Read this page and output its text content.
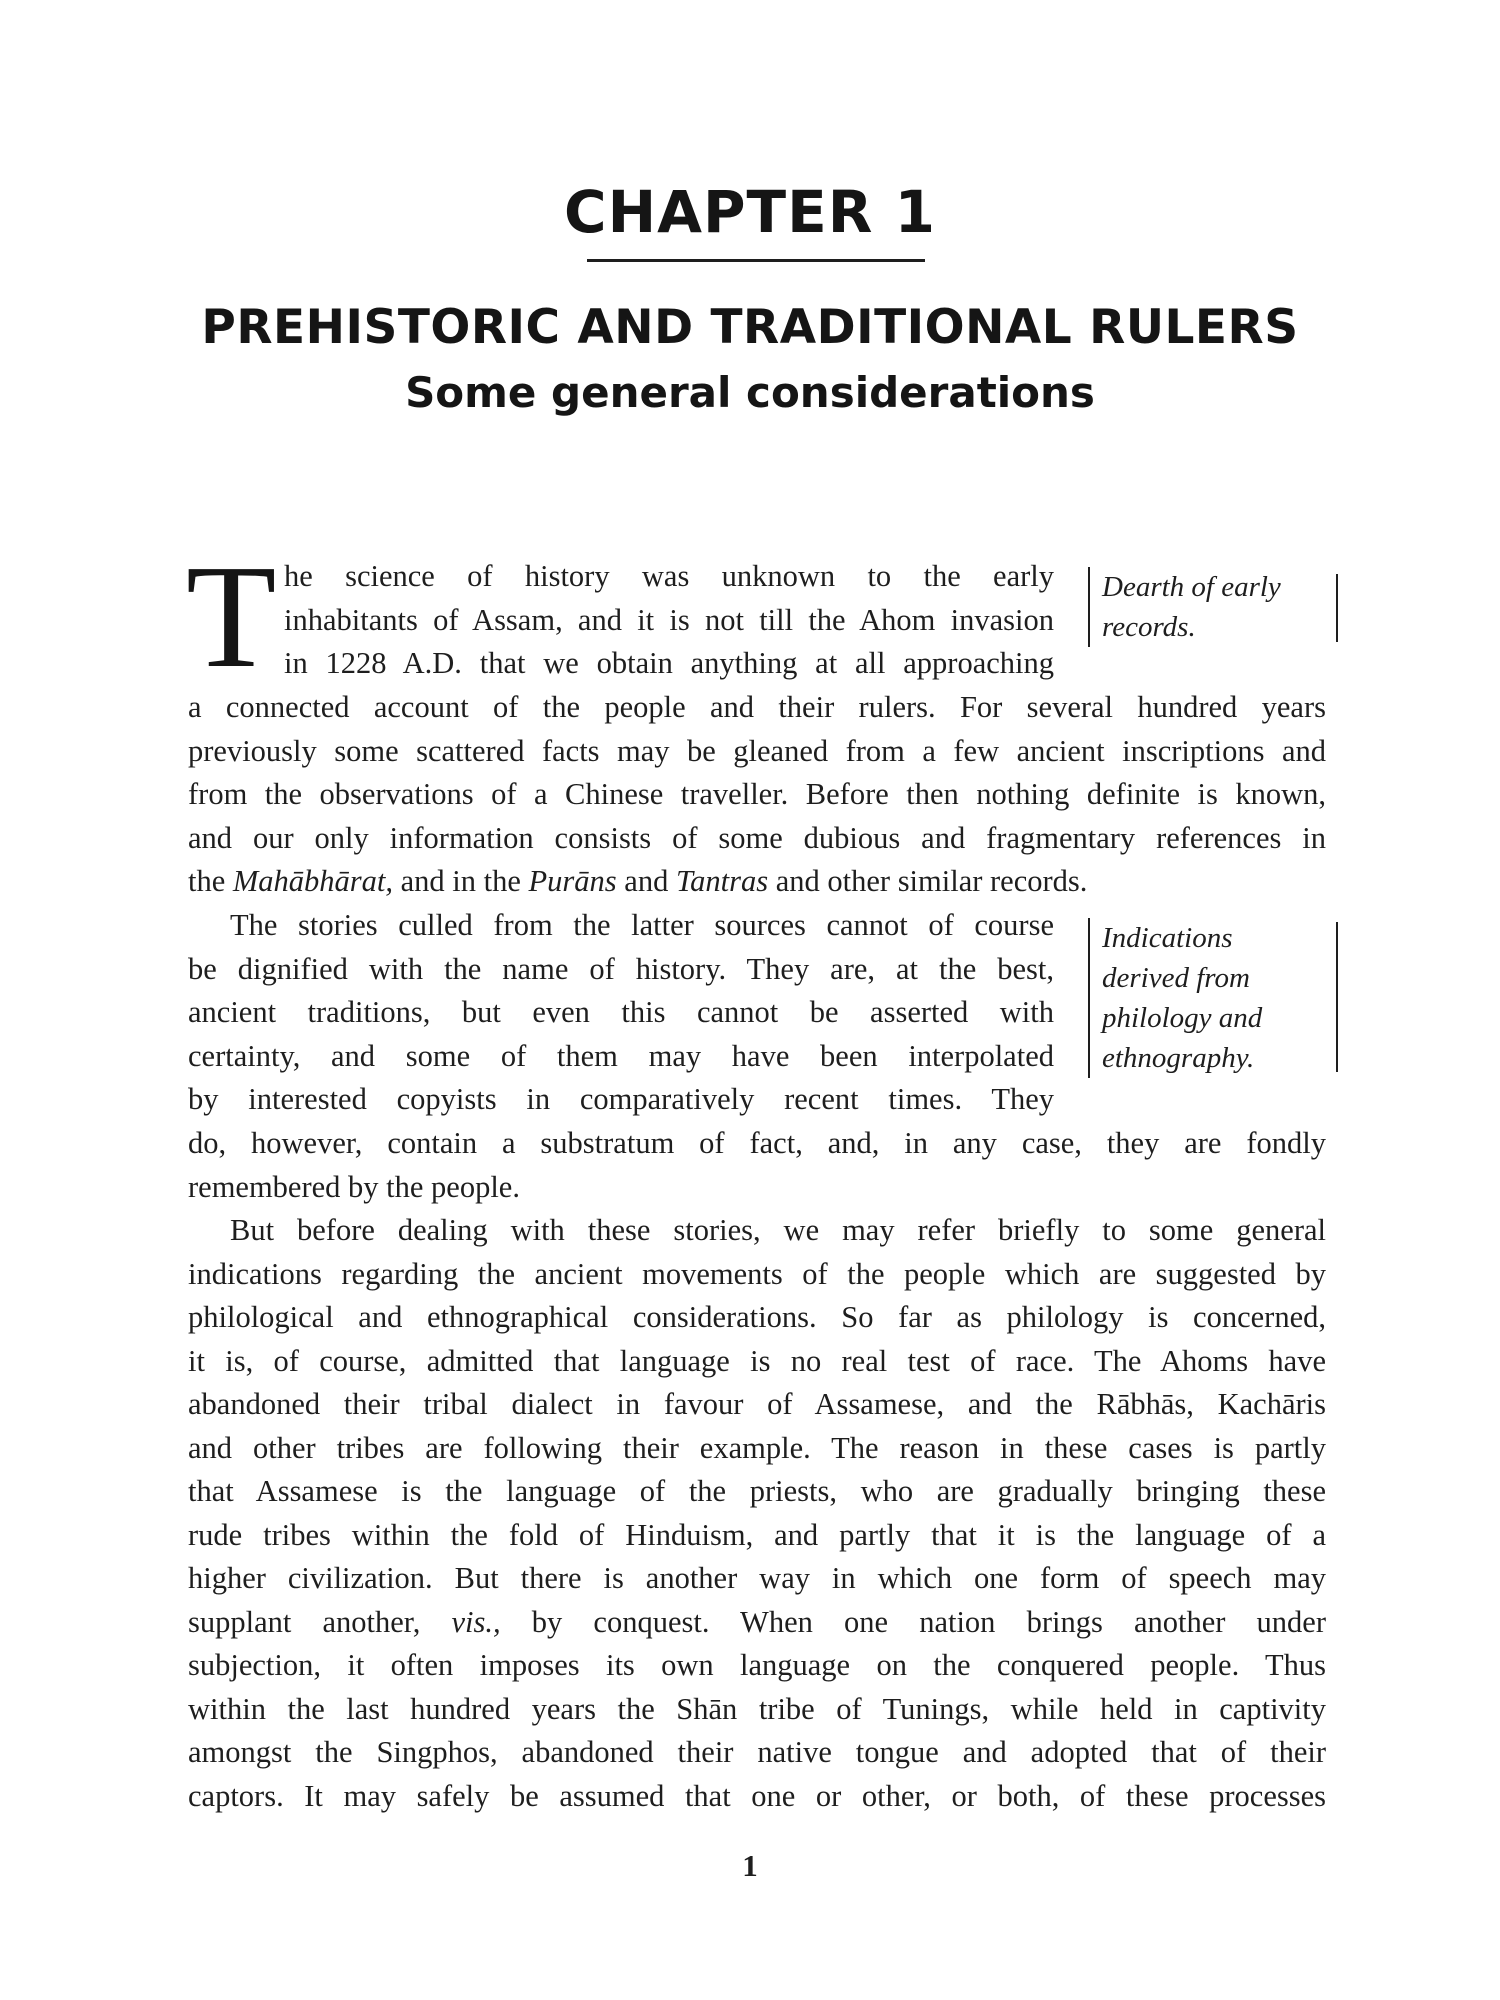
CHAPTER 1
PREHISTORIC AND TRADITIONAL RULERS
Some general considerations
T he science of history was unknown to the early
inhabitants of Assam, and it is not till the Ahom invasion
in 1228 A.D. that we obtain anything at all approaching
a connected account of the people and their rulers. For several hundred years
previously some scattered facts may be gleaned from a few ancient inscriptions and
from the observations of a Chinese traveller. Before then nothing definite is known,
and our only information consists of some dubious and fragmentary references in
the Mahābhārat, and in the Purāns and Tantras and other similar records.
Dearth of early
records.
The stories culled from the latter sources cannot of course
be dignified with the name of history. They are, at the best,
ancient traditions, but even this cannot be asserted with
certainty, and some of them may have been interpolated
by interested copyists in comparatively recent times. They
do, however, contain a substratum of fact, and, in any case, they are fondly
remembered by the people.
Indications
derived from
philology and
ethnography.
But before dealing with these stories, we may refer briefly to some general
indications regarding the ancient movements of the people which are suggested by
philological and ethnographical considerations. So far as philology is concerned,
it is, of course, admitted that language is no real test of race. The Ahoms have
abandoned their tribal dialect in favour of Assamese, and the Rābhās, Kachāris
and other tribes are following their example. The reason in these cases is partly
that Assamese is the language of the priests, who are gradually bringing these
rude tribes within the fold of Hinduism, and partly that it is the language of a
higher civilization. But there is another way in which one form of speech may
supplant another, vis., by conquest. When one nation brings another under
subjection, it often imposes its own language on the conquered people. Thus
within the last hundred years the Shān tribe of Tunings, while held in captivity
amongst the Singphos, abandoned their native tongue and adopted that of their
captors. It may safely be assumed that one or other, or both, of these processes
1
